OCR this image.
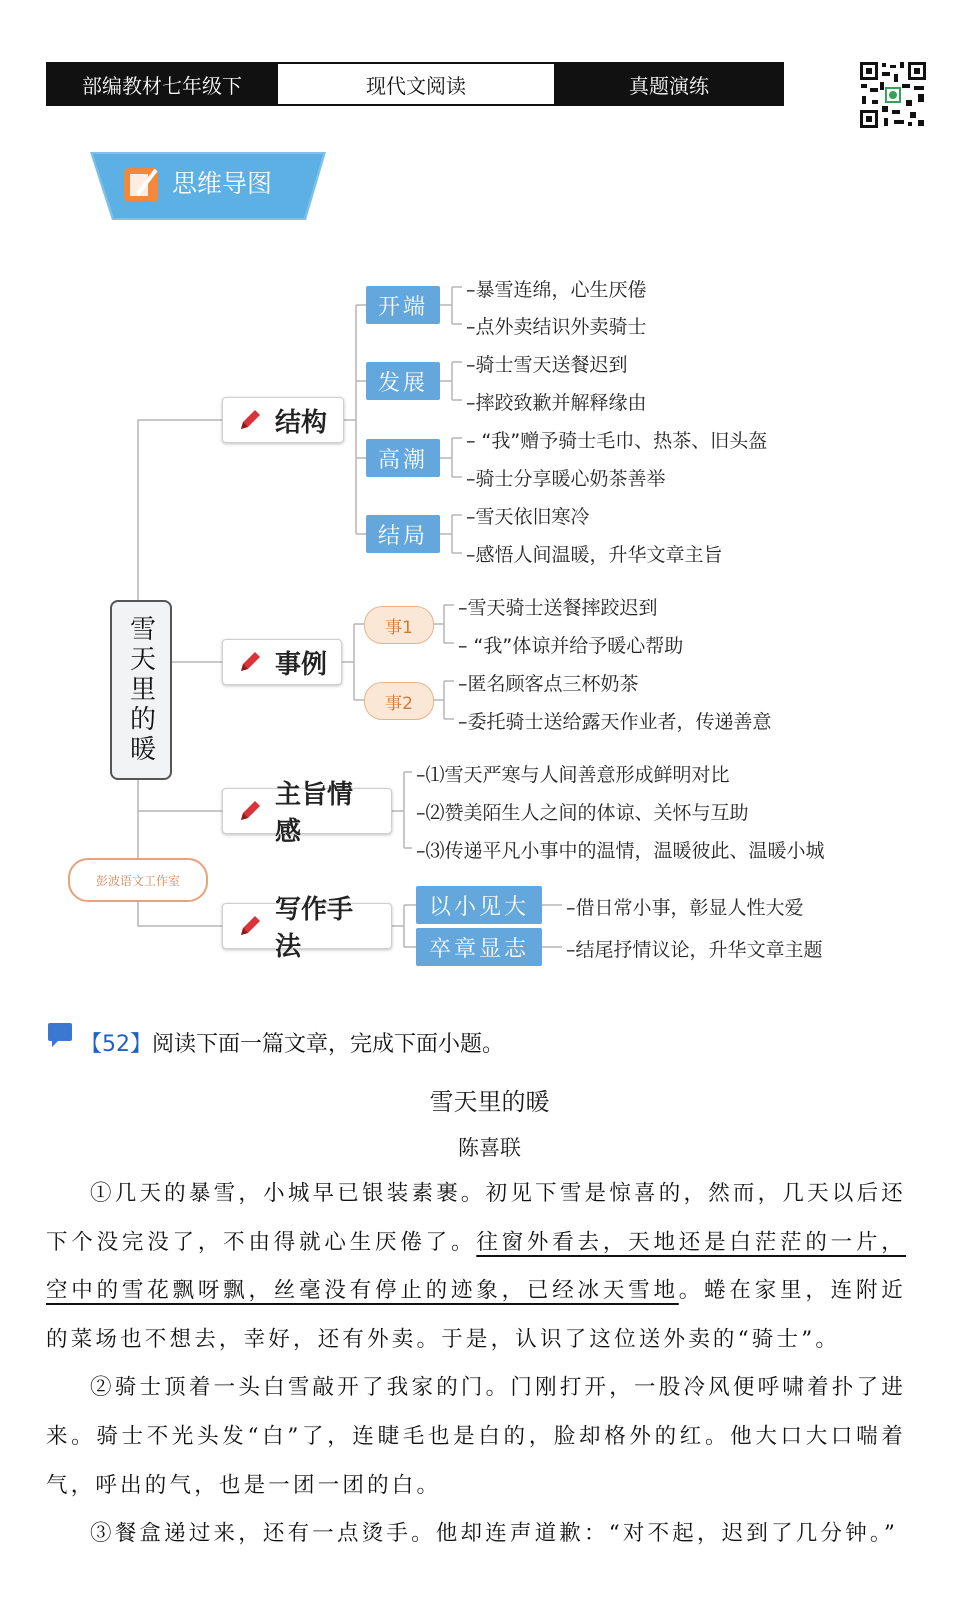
部编教材七年级下	现代文阅读	真题演练
思维导图
雪天里的暖
彭波语文工作室
结构
开端
发展
高潮
结局
–暴雪连绵，心生厌倦
–点外卖结识外卖骑士
–骑士雪天送餐迟到
–摔跤致歉并解释缘由
– “我”赠予骑士毛巾、热茶、旧头盔
–骑士分享暖心奶茶善举
–雪天依旧寒冷
–感悟人间温暖，升华文章主旨
事例
事1
事2
–雪天骑士送餐摔跤迟到
– “我”体谅并给予暖心帮助
–匿名顾客点三杯奶茶
–委托骑士送给露天作业者，传递善意
主旨情感
–⑴雪天严寒与人间善意形成鲜明对比
–⑵赞美陌生人之间的体谅、关怀与互助
–⑶传递平凡小事中的温情，温暖彼此、温暖小城
写作手法
以小见大
卒章显志
–借日常小事，彰显人性大爱
–结尾抒情议论，升华文章主题
【52】阅读下面一篇文章，完成下面小题。
雪天里的暖
陈喜联

①几天的暴雪，小城早已银装素裹。初见下雪是惊喜的，然而，几天以后还下个没完没了，不由得就心生厌倦了。往窗外看去，天地还是白茫茫的一片，空中的雪花飘呀飘，丝毫没有停止的迹象，已经冰天雪地。蜷在家里，连附近的菜场也不想去，幸好，还有外卖。于是，认识了这位送外卖的“骑士”。

②骑士顶着一头白雪敲开了我家的门。门刚打开，一股冷风便呼啸着扑了进来。骑士不光头发“白”了，连睫毛也是白的，脸却格外的红。他大口大口喘着气，呼出的气，也是一团一团的白。

③餐盒递过来，还有一点烫手。他却连声道歉：“对不起，迟到了几分钟。”
